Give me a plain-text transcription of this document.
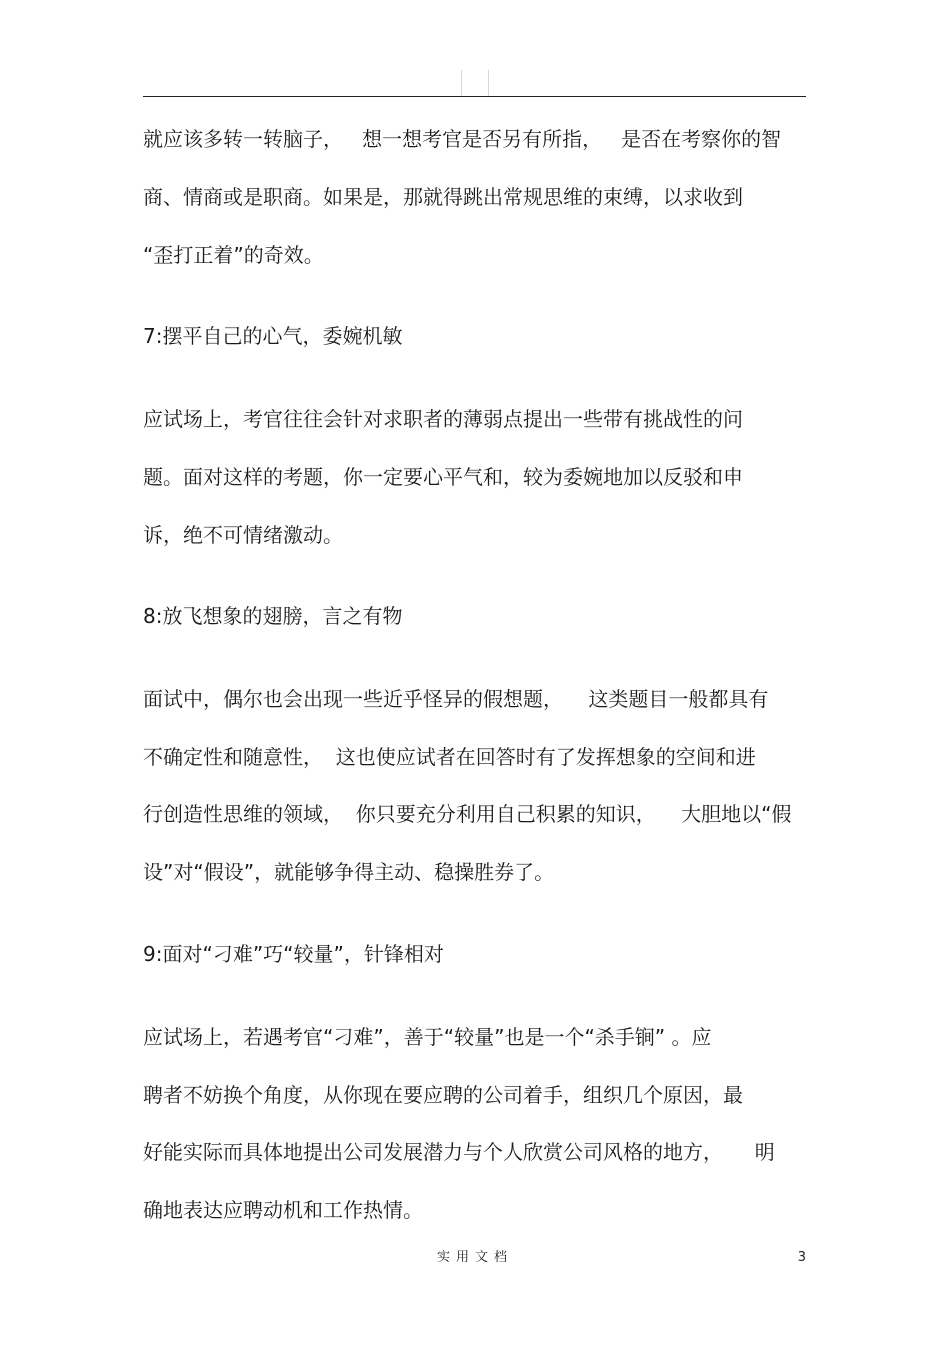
就应该多转一转脑子，   想一想考官是否另有所指，   是否在考察你的智
商、情商或是职商。如果是，那就得跳出常规思维的束缚，以求收到
“歪打正着”的奇效。
7:摆平自己的心气，委婉机敏
应试场上，考官往往会针对求职者的薄弱点提出一些带有挑战性的问
题。面对这样的考题，你一定要心平气和，较为委婉地加以反驳和申
诉，绝不可情绪激动。
8:放飞想象的翅膀，言之有物
面试中，偶尔也会出现一些近乎怪异的假想题，    这类题目一般都具有
不确定性和随意性，  这也使应试者在回答时有了发挥想象的空间和进
行创造性思维的领域，  你只要充分利用自己积累的知识，    大胆地以“假
设”对“假设”，就能够争得主动、稳操胜券了。
9:面对“刁难”巧“较量”，针锋相对
应试场上，若遇考官“刁难”，善于“较量”也是一个“杀手锏” 。应
聘者不妨换个角度，从你现在要应聘的公司着手，组织几个原因，最
好能实际而具体地提出公司发展潜力与个人欣赏公司风格的地方，     明
确地表达应聘动机和工作热情。
实用文档	3
